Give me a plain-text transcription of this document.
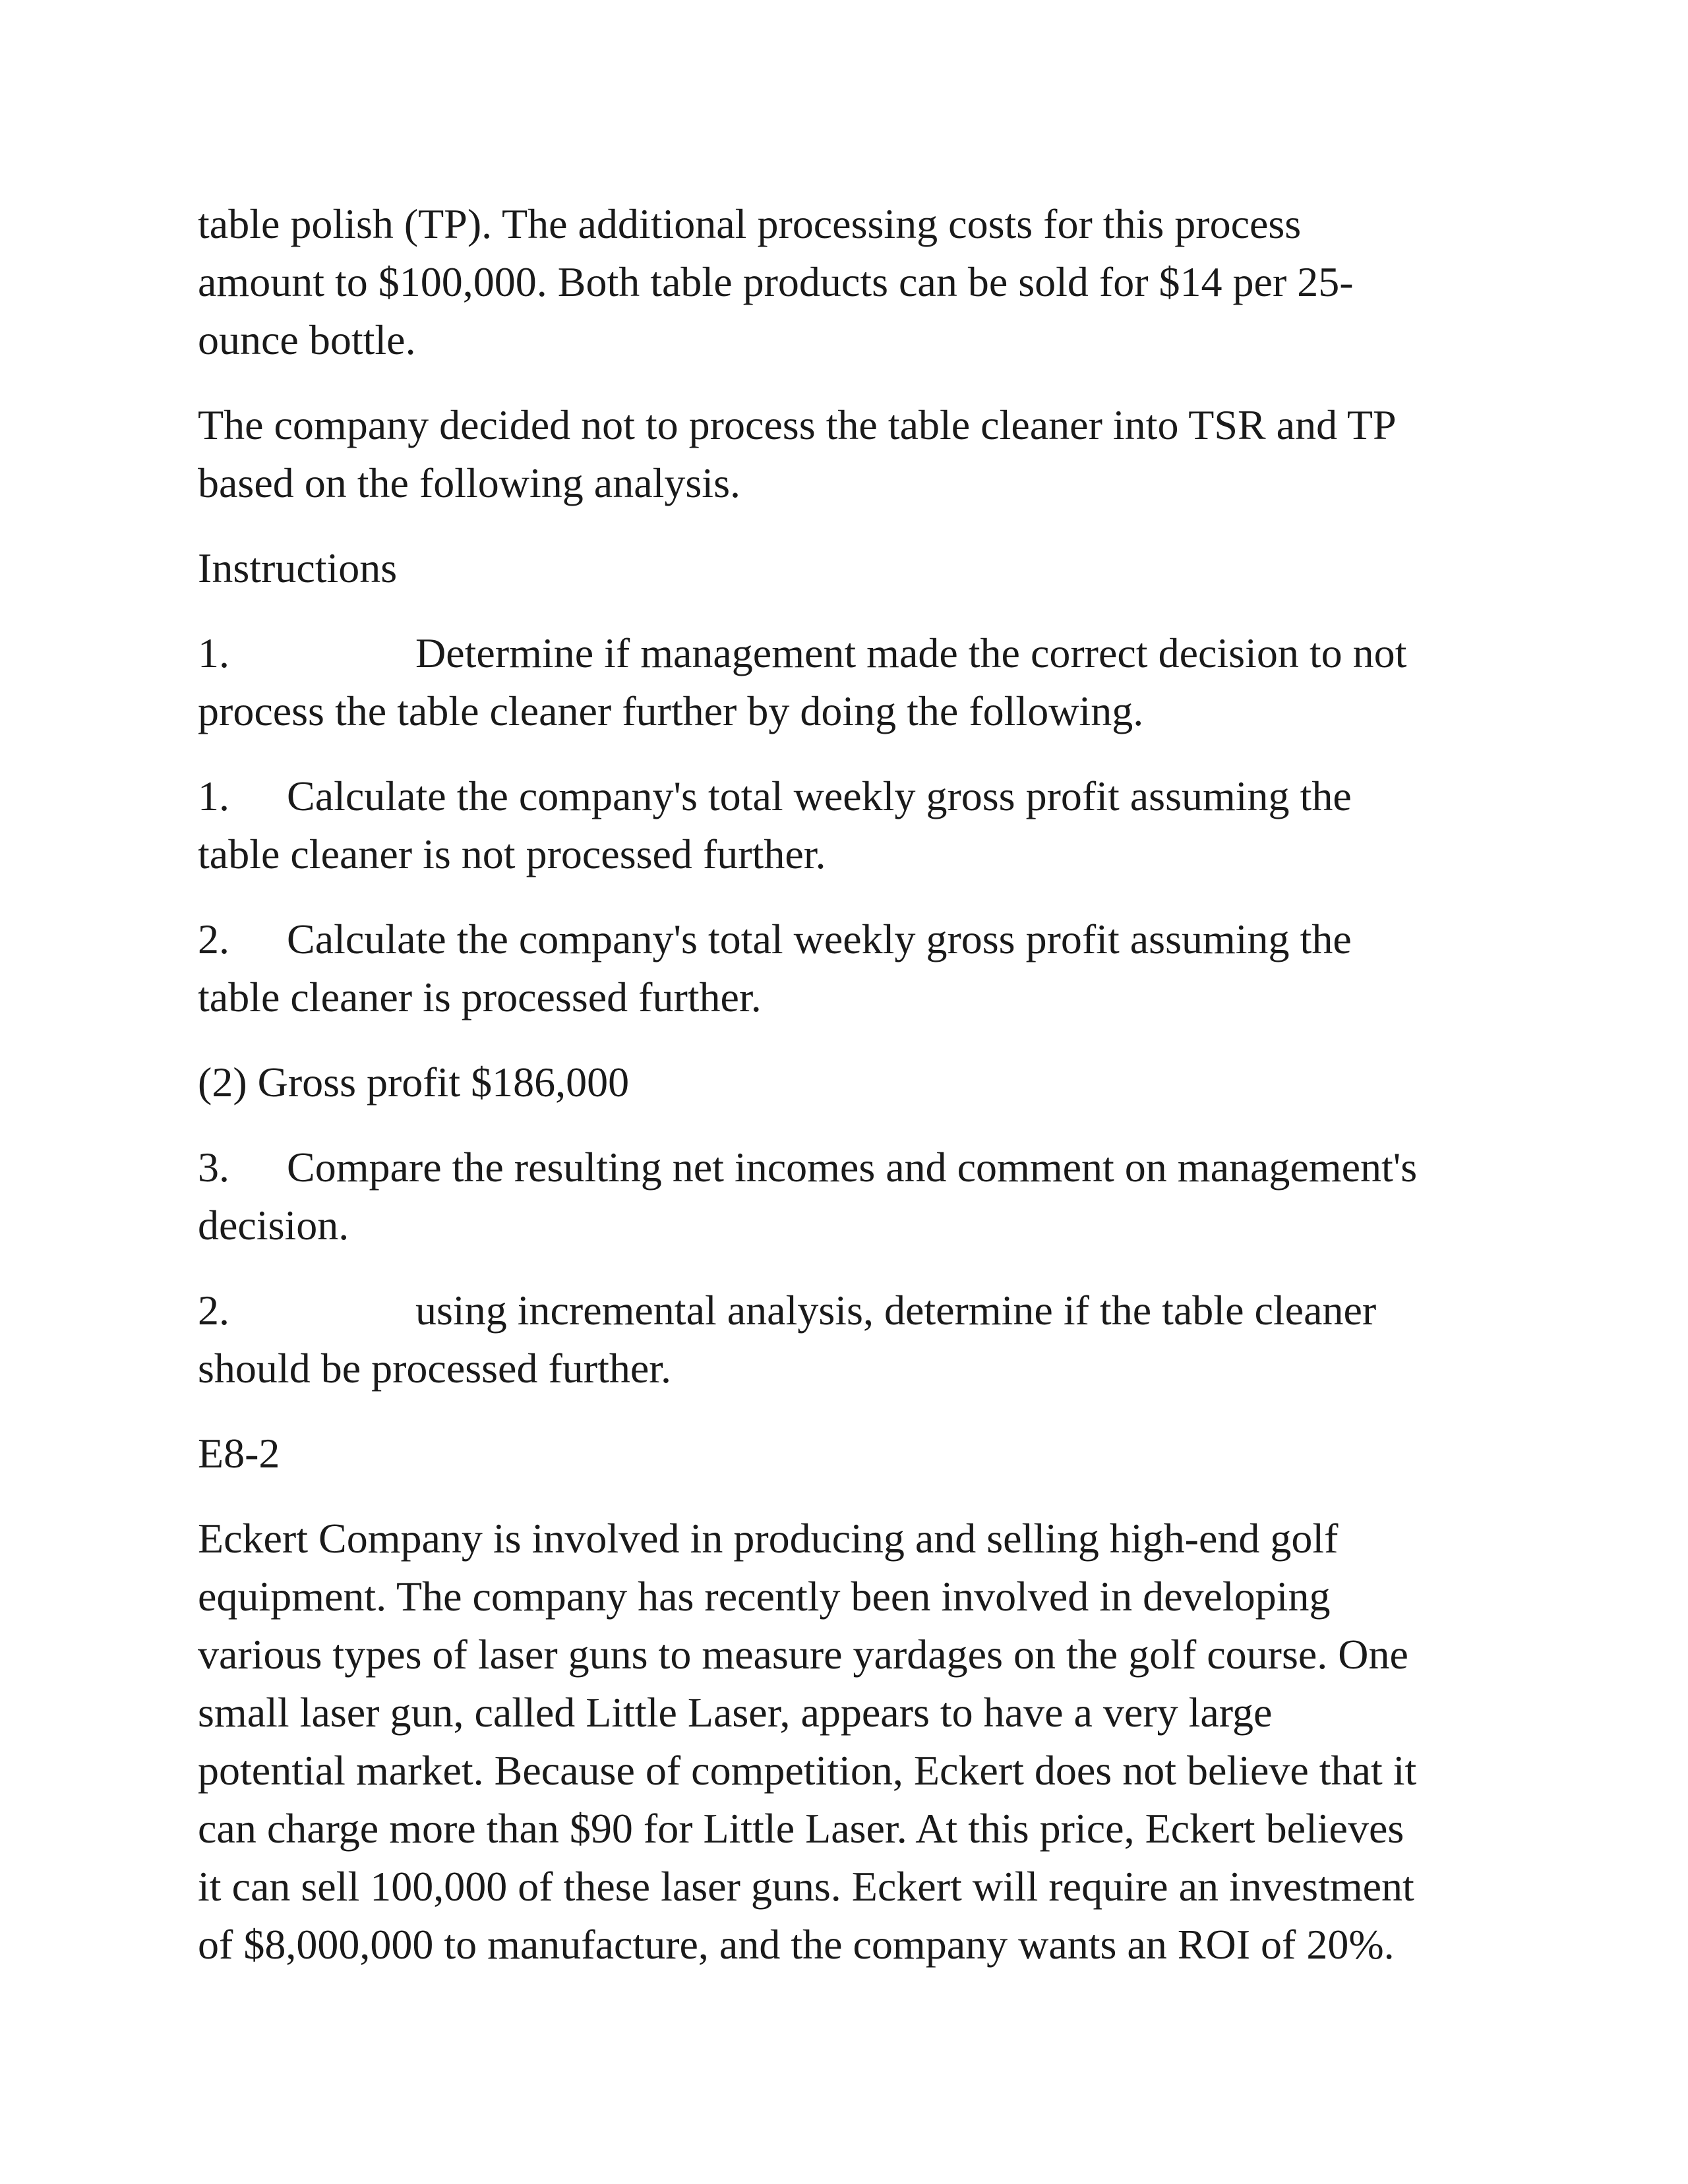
table polish (TP). The additional processing costs for this process
amount to $100,000. Both table products can be sold for $14 per 25-
ounce bottle.

The company decided not to process the table cleaner into TSR and TP
based on the following analysis.

Instructions

1.	Determine if management made the correct decision to not
process the table cleaner further by doing the following.

1. Calculate the company's total weekly gross profit assuming the
table cleaner is not processed further.

2. Calculate the company's total weekly gross profit assuming the
table cleaner is processed further.

(2) Gross profit $186,000

3. Compare the resulting net incomes and comment on management's
decision.

2.	using incremental analysis, determine if the table cleaner
should be processed further.

E8-2

Eckert Company is involved in producing and selling high-end golf
equipment. The company has recently been involved in developing
various types of laser guns to measure yardages on the golf course. One
small laser gun, called Little Laser, appears to have a very large
potential market. Because of competition, Eckert does not believe that it
can charge more than $90 for Little Laser. At this price, Eckert believes
it can sell 100,000 of these laser guns. Eckert will require an investment
of $8,000,000 to manufacture, and the company wants an ROI of 20%.
